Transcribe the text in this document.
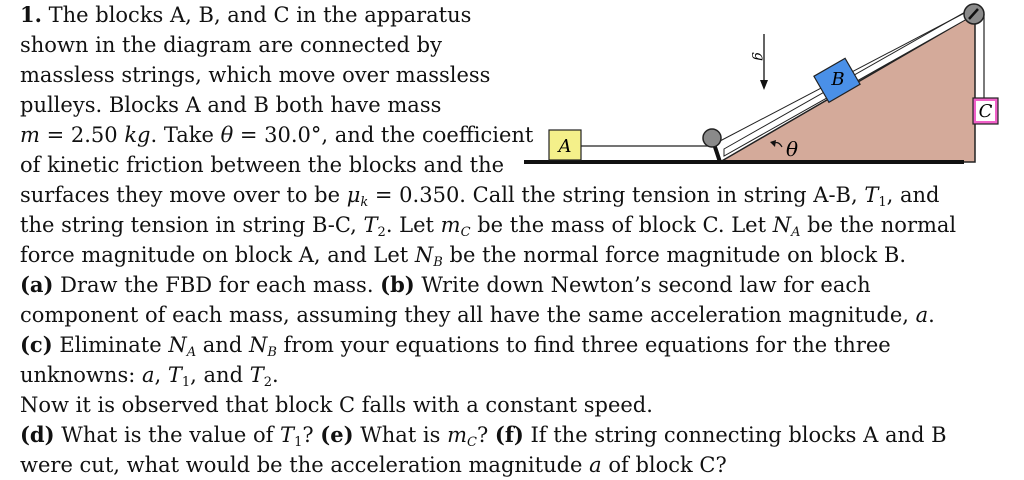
1. The blocks A, B, and C in the apparatus
shown in the diagram are connected by
massless strings, which move over massless
pulleys. Blocks A and B both have mass
m = 2.50 kg. Take θ = 30.0°, and the coefficient
of kinetic friction between the blocks and the
surfaces they move over to be $\mu_k = 0.350$. Call the string tension in string A-B, $T_1$, and
the string tension in string B-C, $T_2$. Let $m_C$ be the mass of block C. Let $N_A$ be the normal
force magnitude on block A, and Let $N_B$ be the normal force magnitude on block B.
(a) Draw the FBD for each mass. (b) Write down Newton’s second law for each
component of each mass, assuming they all have the same acceleration magnitude, a.
(c) Eliminate $N_A$ and $N_B$ from your equations to find three equations for the three
unknowns: a, $T_1$, and $T_2$.
Now it is observed that block C falls with a constant speed.
(d) What is the value of $T_1$? (e) What is $m_C$? (f) If the string connecting blocks A and B
were cut, what would be the acceleration magnitude a of block C?
A
B
C
g
θ
